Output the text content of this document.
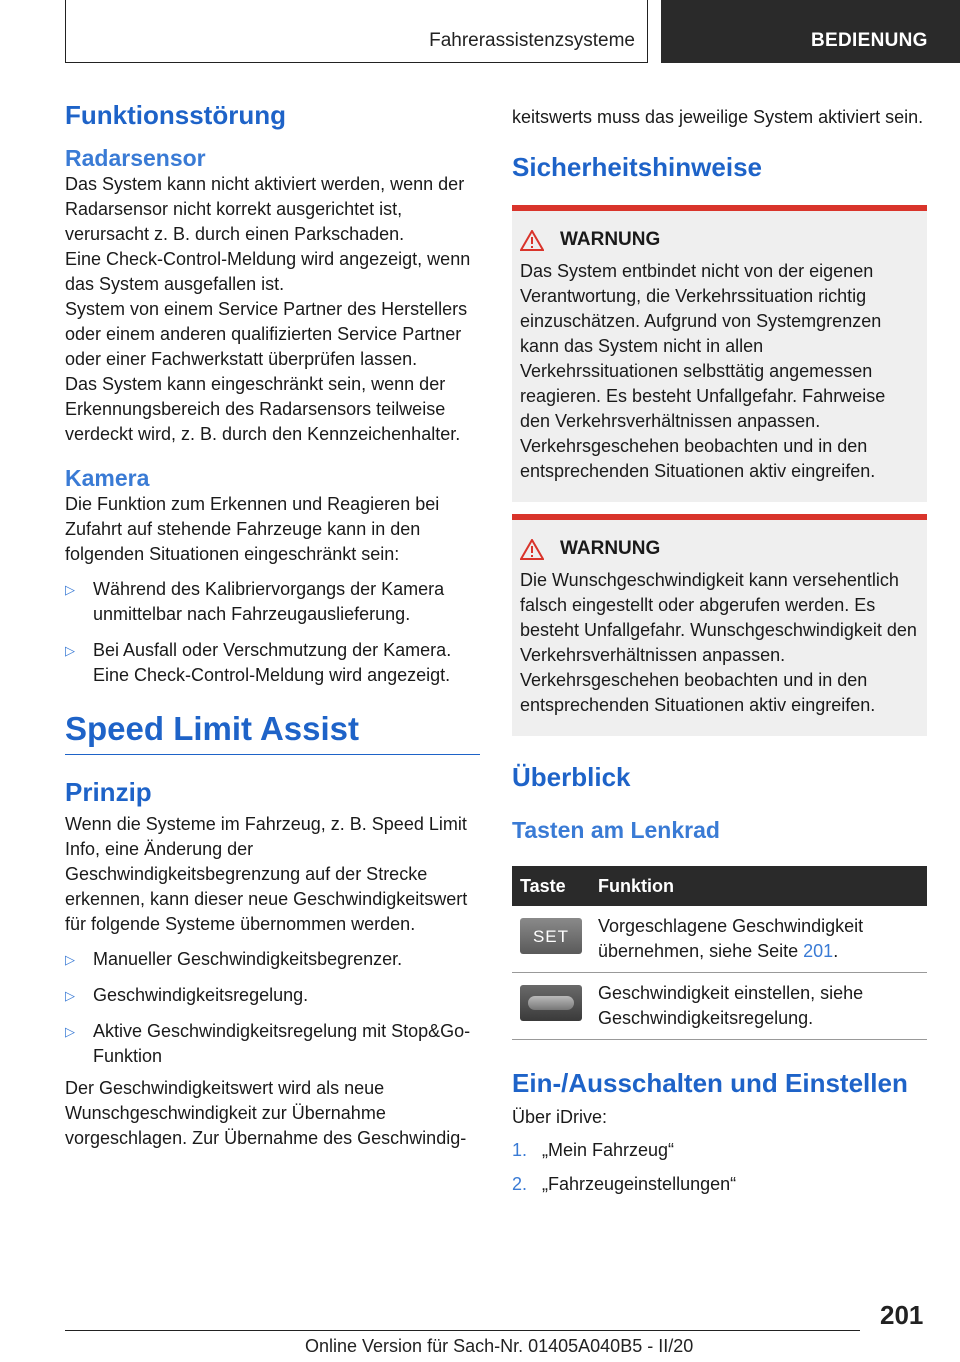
Fahrerassistenzsysteme	BEDIENUNG
Funktionsstörung
Radarsensor

Das System kann nicht aktiviert werden, wenn der Radarsensor nicht korrekt ausgerichtet ist, verursacht z. B. durch einen Parkschaden.

Eine Check-Control-Meldung wird angezeigt, wenn das System ausgefallen ist.

System von einem Service Partner des Herstellers oder einem anderen qualifizierten Service Partner oder einer Fachwerkstatt überprüfen lassen.

Das System kann eingeschränkt sein, wenn der Erkennungsbereich des Radarsensors teilweise verdeckt wird, z. B. durch den Kennzeichenhalter.

Kamera

Die Funktion zum Erkennen und Reagieren bei Zufahrt auf stehende Fahrzeuge kann in den folgenden Situationen eingeschränkt sein:

▷ Während des Kalibriervorgangs der Kamera unmittelbar nach Fahrzeugauslieferung.
▷ Bei Ausfall oder Verschmutzung der Kamera. Eine Check-Control-Meldung wird angezeigt.
Speed Limit Assist
Prinzip

Wenn die Systeme im Fahrzeug, z. B. Speed Limit Info, eine Änderung der Geschwindigkeitsbegrenzung auf der Strecke erkennen, kann dieser neue Geschwindigkeitswert für folgende Systeme übernommen werden.

▷ Manueller Geschwindigkeitsbegrenzer.
▷ Geschwindigkeitsregelung.
▷ Aktive Geschwindigkeitsregelung mit Stop&Go-Funktion

Der Geschwindigkeitswert wird als neue Wunschgeschwindigkeit zur Übernahme vorgeschlagen. Zur Übernahme des Geschwindig-

keitswerts muss das jeweilige System aktiviert sein.

Sicherheitshinweise
WARNUNG

Das System entbindet nicht von der eigenen Verantwortung, die Verkehrssituation richtig einzuschätzen. Aufgrund von Systemgrenzen kann das System nicht in allen Verkehrssituationen selbsttätig angemessen reagieren. Es besteht Unfallgefahr. Fahrweise den Verkehrsverhältnissen anpassen. Verkehrsgeschehen beobachten und in den entsprechenden Situationen aktiv eingreifen.

WARNUNG

Die Wunschgeschwindigkeit kann versehentlich falsch eingestellt oder abgerufen werden. Es besteht Unfallgefahr. Wunschgeschwindigkeit den Verkehrsverhältnissen anpassen. Verkehrsgeschehen beobachten und in den entsprechenden Situationen aktiv eingreifen.

Überblick
Tasten am Lenkrad
Taste	Funktion

SET	Vorgeschlagene Geschwindigkeit übernehmen, siehe Seite 201.

	Geschwindigkeit einstellen, siehe Geschwindigkeitsregelung.
Ein-/Ausschalten und Einstellen

Über iDrive:

1. „Mein Fahrzeug“
2. „Fahrzeugeinstellungen“
201
Online Version für Sach-Nr. 01405A040B5 - II/20
